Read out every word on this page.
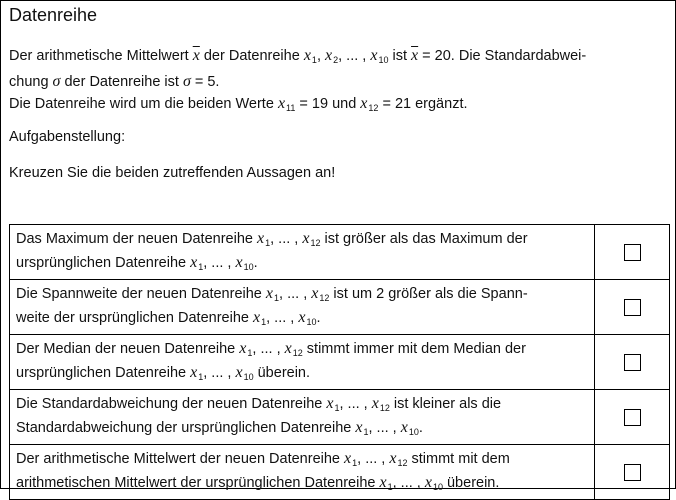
Datenreihe
Der arithmetische Mittelwert $\overline{x}$ der Datenreihe $x_1$, $x_2$, ... , $x_{10}$ ist $\overline{x} = 20$. Die Standardabwei-
chung σ der Datenreihe ist σ = 5.
Die Datenreihe wird um die beiden Werte $x_{11} = 19$ und $x_{12} = 21$ ergänzt.
Aufgabenstellung:
Kreuzen Sie die beiden zutreffenden Aussagen an!
Das Maximum der neuen Datenreihe $x_1$, ... , $x_{12}$ ist größer als das Maximum der
ursprünglichen Datenreihe $x_1$, ... , $x_{10}$.	

Die Spannweite der neuen Datenreihe $x_1$, ... , $x_{12}$ ist um 2 größer als die Spann-
weite der ursprünglichen Datenreihe $x_1$, ... , $x_{10}$.	

Der Median der neuen Datenreihe $x_1$, ... , $x_{12}$ stimmt immer mit dem Median der
ursprünglichen Datenreihe $x_1$, ... , $x_{10}$ überein.	

Die Standardabweichung der neuen Datenreihe $x_1$, ... , $x_{12}$ ist kleiner als die
Standardabweichung der ursprünglichen Datenreihe $x_1$, ... , $x_{10}$.	

Der arithmetische Mittelwert der neuen Datenreihe $x_1$, ... , $x_{12}$ stimmt mit dem
arithmetischen Mittelwert der ursprünglichen Datenreihe $x_1$, ... , $x_{10}$ überein.	
